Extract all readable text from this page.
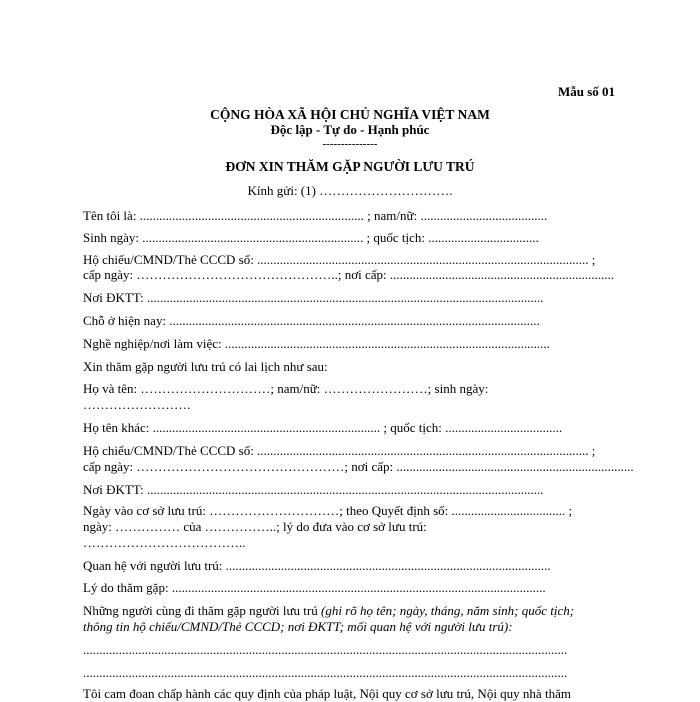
Mẫu số 01
CỘNG HÒA XÃ HỘI CHỦ NGHĨA VIỆT NAM
Độc lập - Tự do - Hạnh phúc
---------------
ĐƠN XIN THĂM GẶP NGƯỜI LƯU TRÚ
Kính gửi: (1) ………………………….
Tên tôi là: ..................................................................... ; nam/nữ: .......................................
Sinh ngày: .................................................................... ; quốc tịch: ..................................
Hộ chiếu/CMND/Thẻ CCCD số: ...................................................................................................... ;
cấp ngày: ………………………………………..; nơi cấp: .....................................................................
Nơi ĐKTT: ..........................................................................................................................
Chỗ ở hiện nay: ..................................................................................................................
Nghề nghiệp/nơi làm việc: ....................................................................................................
Xin thăm gặp người lưu trú có lai lịch như sau:
Họ và tên: …………………………; nam/nữ: ……………………; sinh ngày:
…………………….
Họ tên khác: ...................................................................... ; quốc tịch: ....................................
Hộ chiếu/CMND/Thẻ CCCD số: ...................................................................................................... ;
cấp ngày: …………………………………………; nơi cấp: .........................................................................
Nơi ĐKTT: ..........................................................................................................................
Ngày vào cơ sở lưu trú: …………………………; theo Quyết định số: ................................... ;
ngày: …………… của ……………..; lý do đưa vào cơ sở lưu trú:
………………………………..
Quan hệ với người lưu trú: ....................................................................................................
Lý do thăm gặp: ...................................................................................................................
Những người cùng đi thăm gặp người lưu trú (ghi rõ họ tên; ngày, tháng, năm sinh; quốc tịch;
thông tin hộ chiếu/CMND/Thẻ CCCD; nơi ĐKTT; mối quan hệ với người lưu trú):
.....................................................................................................................................................
.....................................................................................................................................................
Tôi cam đoan chấp hành các quy định của pháp luật, Nội quy cơ sở lưu trú, Nội quy nhà thăm
